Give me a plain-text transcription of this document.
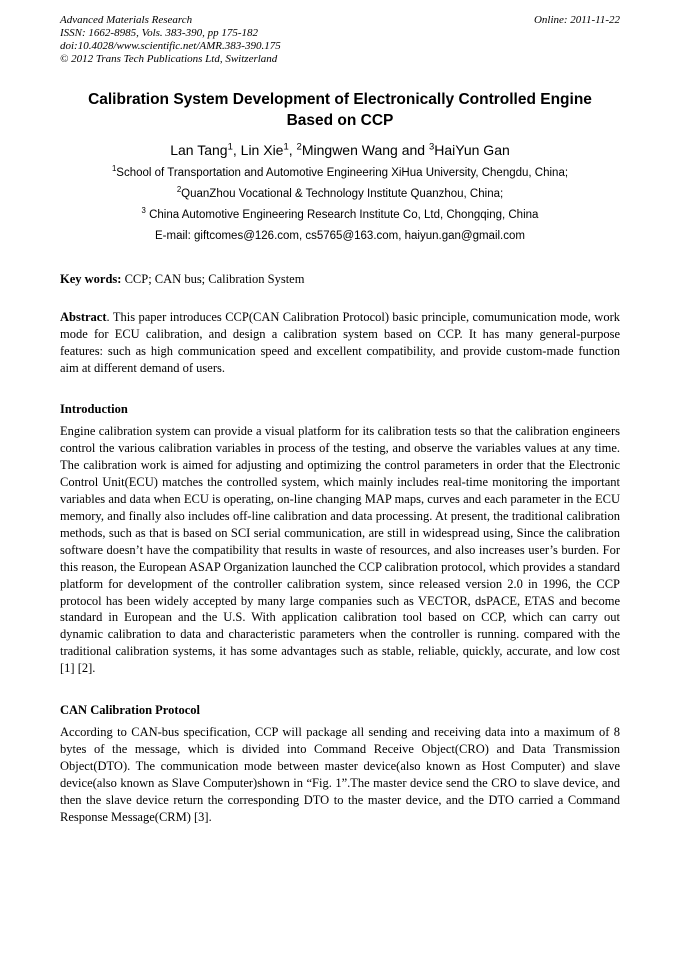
Advanced Materials Research
ISSN: 1662-8985, Vols. 383-390, pp 175-182
doi:10.4028/www.scientific.net/AMR.383-390.175
© 2012 Trans Tech Publications Ltd, Switzerland
Online: 2011-11-22
Calibration System Development of Electronically Controlled Engine Based on CCP

Lan Tang$^1$, Lin Xie$^1$, $^2$Mingwen Wang and $^3$HaiYun Gan

$^1$School of Transportation and Automotive Engineering XiHua University, Chengdu, China;

$^2$QuanZhou Vocational & Technology Institute Quanzhou, China;

$^3$ China Automotive Engineering Research Institute Co, Ltd, Chongqing, China

E-mail: giftcomes@126.com, cs5765@163.com, haiyun.gan@gmail.com

Key words: CCP; CAN bus; Calibration System

Abstract. This paper introduces CCP(CAN Calibration Protocol) basic principle, comumunication mode, work mode for ECU calibration, and design a calibration system based on CCP. It has many general-purpose features: such as high communication speed and excellent compatibility, and provide custom-made function aim at different demand of users.

Introduction

Engine calibration system can provide a visual platform for its calibration tests so that the calibration engineers control the various calibration variables in process of the testing, and observe the variables values at any time. The calibration work is aimed for adjusting and optimizing the control parameters in order that the Electronic Control Unit(ECU) matches the controlled system, which mainly includes real-time monitoring the important variables and data when ECU is operating, on-line changing MAP maps, curves and each parameter in the ECU memory, and finally also includes off-line calibration and data processing. At present, the traditional calibration methods, such as that is based on SCI serial communication, are still in widespread using, Since the calibration software doesn’t have the compatibility that results in waste of resources, and also increases user’s burden. For this reason, the European ASAP Organization launched the CCP calibration protocol, which provides a standard platform for development of the controller calibration system, since released version 2.0 in 1996, the CCP protocol has been widely accepted by many large companies such as VECTOR, dsPACE, ETAS and become standard in European and the U.S. With application calibration tool based on CCP, which can carry out dynamic calibration to data and characteristic parameters when the controller is running. compared with the traditional calibration systems, it has some advantages such as stable, reliable, quickly, accurate, and low cost [1] [2].

CAN Calibration Protocol

According to CAN-bus specification, CCP will package all sending and receiving data into a maximum of 8 bytes of the message, which is divided into Command Receive Object(CRO) and Data Transmission Object(DTO). The communication mode between master device(also known as Host Computer) and slave device(also known as Slave Computer)shown in “Fig. 1”.The master device send the CRO to slave device, and then the slave device return the corresponding DTO to the master device, and the DTO carried a Command Response Message(CRM) [3].
